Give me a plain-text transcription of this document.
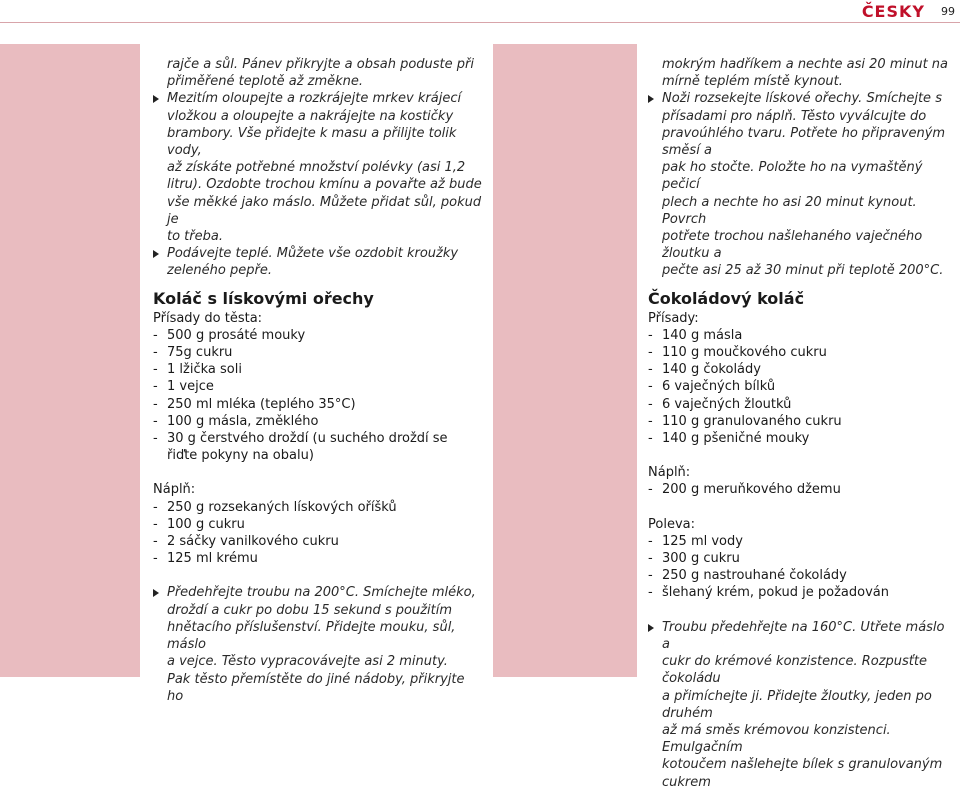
ČESKY 99
rajče a sůl. Pánev přikryjte a obsah poduste při
přiměřené teplotě až změkne.
Mezitím oloupejte a rozkrájejte mrkev krájecí
vložkou a oloupejte a nakrájejte na kostičky
brambory. Vše přidejte k masu a přilijte tolik vody,
až získáte potřebné množství polévky (asi 1,2
litru). Ozdobte trochou kmínu a povařte až bude
vše měkké jako máslo. Můžete přidat sůl, pokud je
to třeba.
Podávejte teplé. Můžete vše ozdobit kroužky
zeleného pepře.
Koláč s lískovými ořechy
Přísady do těsta:
- 500 g prosáté mouky
- 75g cukru
- 1 lžička soli
- 1 vejce
- 250 ml mléka (teplého 35°C)
- 100 g másla, změklého
- 30 g čerstvého droždí (u suchého droždí se
řiďte pokyny na obalu)
Náplň:
- 250 g rozsekaných lískových oříšků
- 100 g cukru
- 2 sáčky vanilkového cukru
- 125 ml krému
Předehřejte troubu na 200°C. Smíchejte mléko,
droždí a cukr po dobu 15 sekund s použitím
hnětacího příslušenství. Přidejte mouku, sůl, máslo
a vejce. Těsto vypracovávejte asi 2 minuty.
Pak těsto přemístěte do jiné nádoby, přikryjte ho
mokrým hadříkem a nechte asi 20 minut na
mírně teplém místě kynout.
Noži rozsekejte lískové ořechy. Smíchejte s
přísadami pro náplň. Těsto vyválcujte do
pravoúhlého tvaru. Potřete ho připraveným směsí a
pak ho stočte. Položte ho na vymaštěný pečicí
plech a nechte ho asi 20 minut kynout. Povrch
potřete trochou našlehaného vaječného žloutku a
pečte asi 25 až 30 minut při teplotě 200°C.
Čokoládový koláč
Přísady:
- 140 g másla
- 110 g moučkového cukru
- 140 g čokolády
- 6 vaječných bílků
- 6 vaječných žloutků
- 110 g granulovaného cukru
- 140 g pšeničné mouky
Náplň:
- 200 g meruňkového džemu
Poleva:
- 125 ml vody
- 300 g cukru
- 250 g nastrouhané čokolády
- šlehaný krém, pokud je požadován
Troubu předehřejte na 160°C. Utřete máslo a
cukr do krémové konzistence. Rozpusťte čokoládu
a přimíchejte ji. Přidejte žloutky, jeden po druhém
až má směs krémovou konzistenci. Emulgačním
kotoučem našlehejte bílek s granulovaným cukrem
